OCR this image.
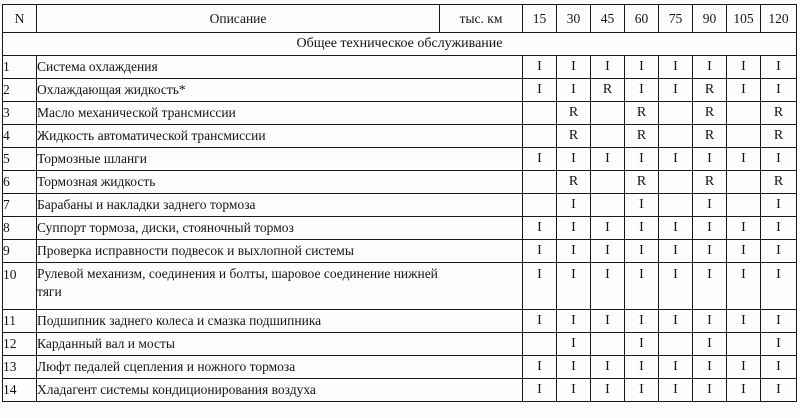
N	Описание	тыс. км	15	30	45	60	75	90	105	120
Общее техническое обслуживание										
1	Система охлаждения		I	I	I	I	I	I	I	I
2	Охлаждающая жидкость*		I	I	R	I	I	R	I	I
3	Масло механической трансмиссии			R		R		R		R
4	Жидкость автоматической трансмиссии			R		R		R		R
5	Тормозные шланги		I	I	I	I	I	I	I	I
6	Тормозная жидкость			R		R		R		R
7	Барабаны и накладки заднего тормоза			I		I		I		I
8	Суппорт тормоза, диски, стояночный тормоз		I	I	I	I	I	I	I	I
9	Проверка исправности подвесок и выхлопной системы		I	I	I	I	I	I	I	I
10	Рулевой механизм, соединения и болты, шаровое соединение нижней тяги		I	I	I	I	I	I	I	I
11	Подшипник заднего колеса и смазка подшипника		I	I	I	I	I	I	I	I
12	Карданный вал и мосты			I		I		I		I
13	Люфт педалей сцепления и ножного тормоза		I	I	I	I	I	I	I	I
14	Хладагент системы кондиционирования воздуха		I	I	I	I	I	I	I	I
